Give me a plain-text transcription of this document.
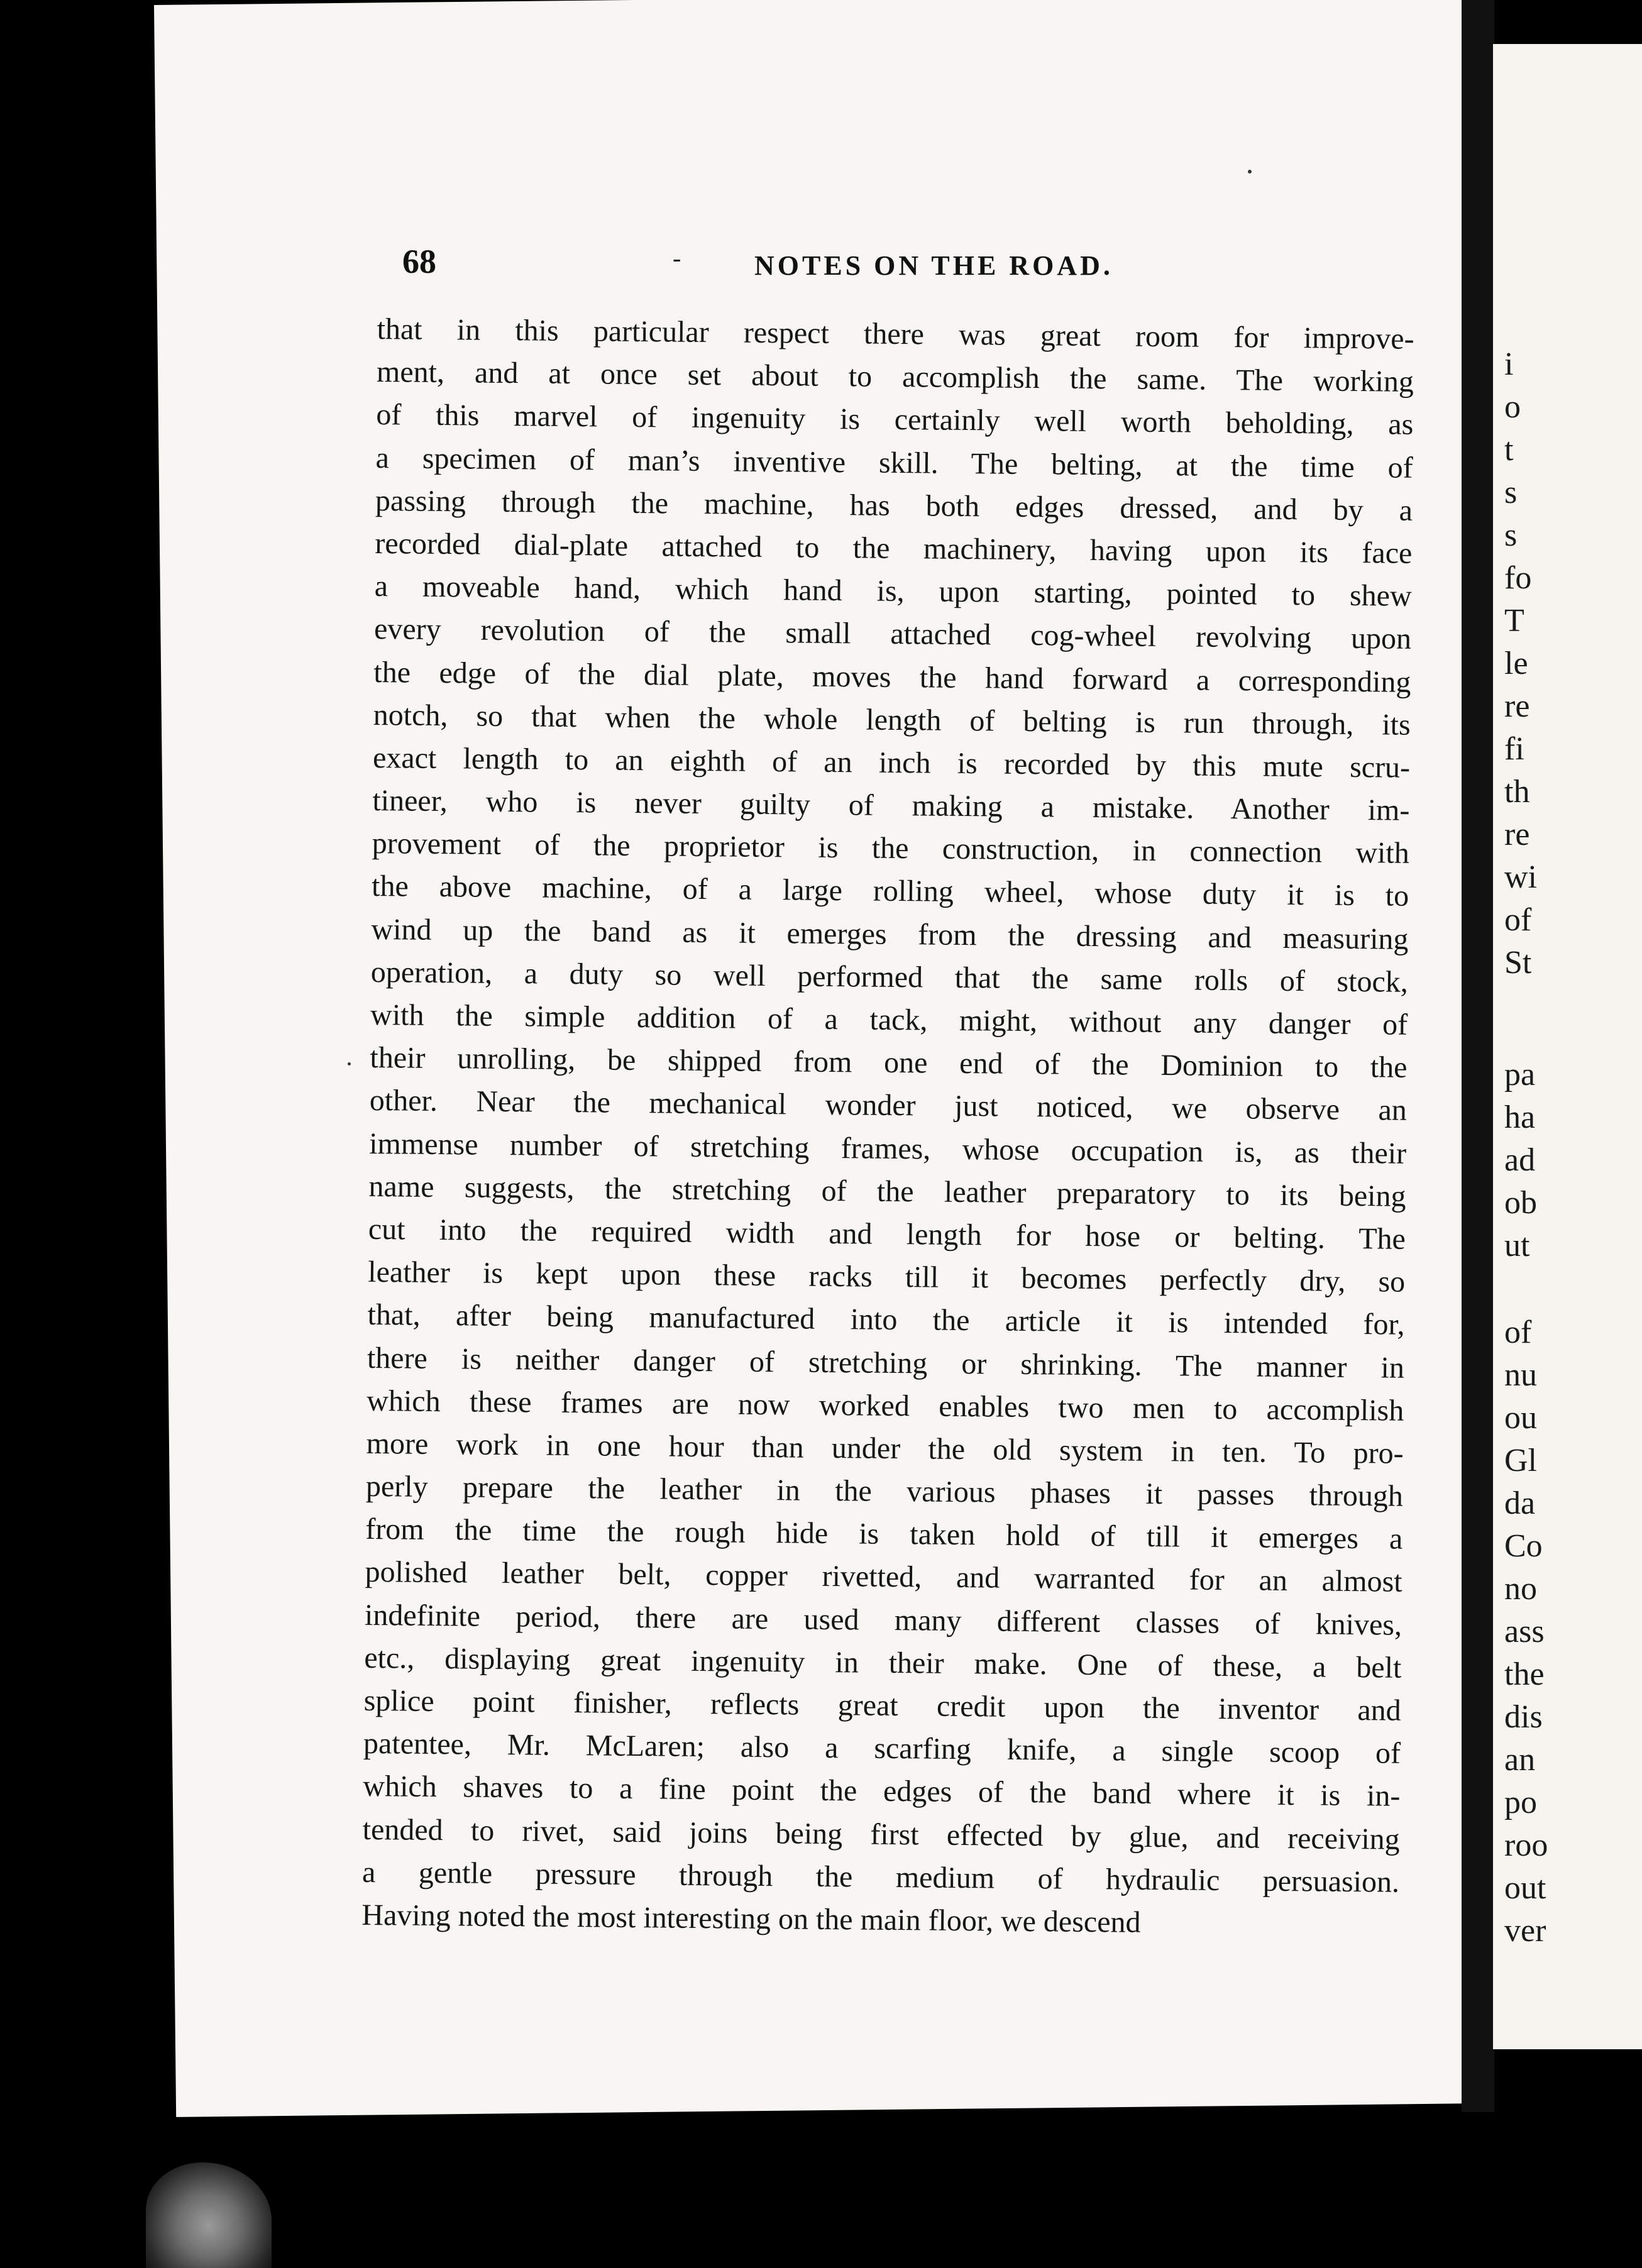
68	-	NOTES ON THE ROAD.
that in this particular respect there was great room for improve-
ment, and at once set about to accomplish the same. The working
of this marvel of ingenuity is certainly well worth beholding, as
a specimen of man’s inventive skill. The belting, at the time of
passing through the machine, has both edges dressed, and by a
recorded dial-plate attached to the machinery, having upon its face
a moveable hand, which hand is, upon starting, pointed to shew
every revolution of the small attached cog-wheel revolving upon
the edge of the dial plate, moves the hand forward a corresponding
notch, so that when the whole length of belting is run through, its
exact length to an eighth of an inch is recorded by this mute scru-
tineer, who is never guilty of making a mistake. Another im-
provement of the proprietor is the construction, in connection with
the above machine, of a large rolling wheel, whose duty it is to
wind up the band as it emerges from the dressing and measuring
operation, a duty so well performed that the same rolls of stock,
with the simple addition of a tack, might, without any danger of
their unrolling, be shipped from one end of the Dominion to the
other. Near the mechanical wonder just noticed, we observe an
immense number of stretching frames, whose occupation is, as their
name suggests, the stretching of the leather preparatory to its being
cut into the required width and length for hose or belting. The
leather is kept upon these racks till it becomes perfectly dry, so
that, after being manufactured into the article it is intended for,
there is neither danger of stretching or shrinking. The manner in
which these frames are now worked enables two men to accomplish
more work in one hour than under the old system in ten. To pro-
perly prepare the leather in the various phases it passes through
from the time the rough hide is taken hold of till it emerges a
polished leather belt, copper rivetted, and warranted for an almost
indefinite period, there are used many different classes of knives,
etc., displaying great ingenuity in their make. One of these, a belt
splice point finisher, reflects great credit upon the inventor and
patentee, Mr. McLaren; also a scarfing knife, a single scoop of
which shaves to a fine point the edges of the band where it is in-
tended to rivet, said joins being first effected by glue, and receiving
a gentle pressure through the medium of hydraulic persuasion.
Having noted the most interesting on the main floor, we descend
i
o
t
s
s
fo
T
le
re
fi
th
re
wi
of
St
pa
ha
ad
ob
ut
of
nu
ou
Gl
da
Co
no
ass
the
dis
an
po
roo
out
ver
